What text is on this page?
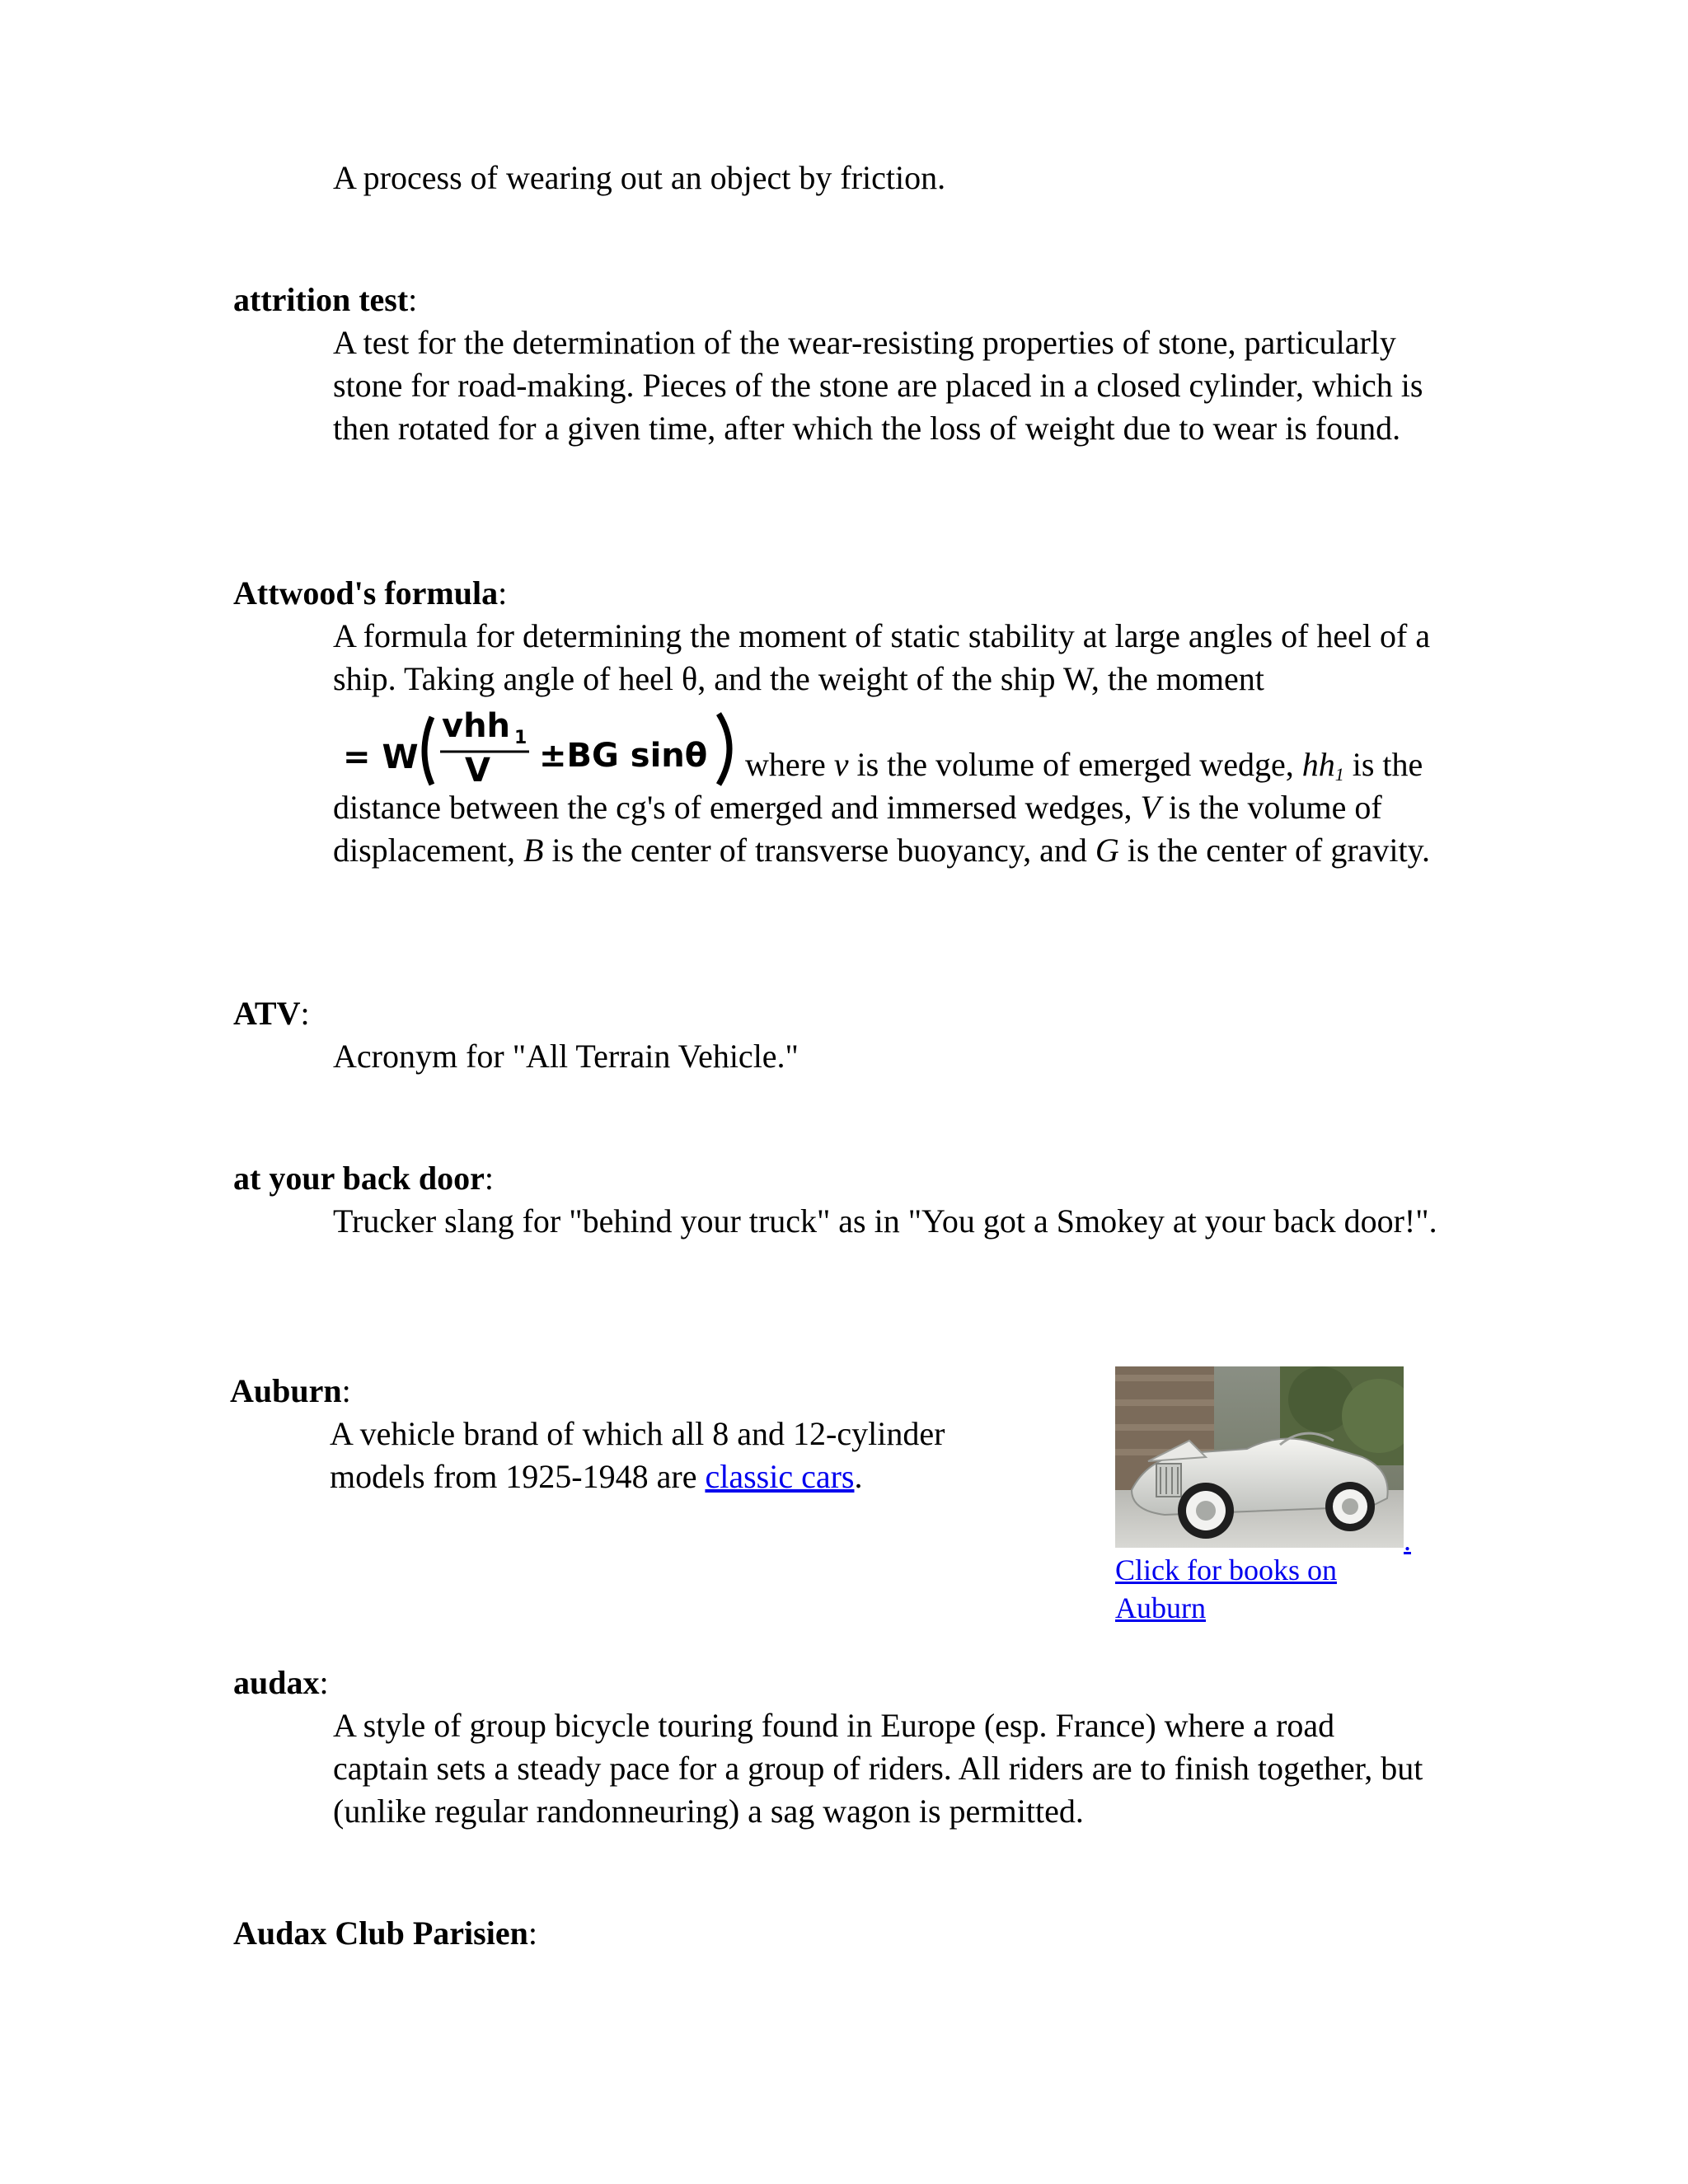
A process of wearing out an object by friction.

attrition test:

A test for the determination of the wear-resisting properties of stone, particularly stone for road-making. Pieces of the stone are placed in a closed cylinder, which is then rotated for a given time, after which the loss of weight due to wear is found.

Attwood's formula:

A formula for determining the moment of static stability at large angles of heel of a ship. Taking angle of heel θ, and the weight of the ship W, the moment
= W
vhh 1
V ±BG sinθ where v is the volume of emerged wedge, $hh_1$ is the distance between the cg's of emerged and immersed wedges, V is the volume of displacement, B is the center of transverse buoyancy, and G is the center of gravity.

ATV:

Acronym for "All Terrain Vehicle."

at your back door:

Trucker slang for "behind your truck" as in "You got a Smokey at your back door!".

Auburn:

A vehicle brand of which all 8 and 12-cylinder models from 1925-1948 are classic cars.

.
Click for books on Auburn

audax:

A style of group bicycle touring found in Europe (esp. France) where a road captain sets a steady pace for a group of riders. All riders are to finish together, but (unlike regular randonneuring) a sag wagon is permitted.

Audax Club Parisien:
